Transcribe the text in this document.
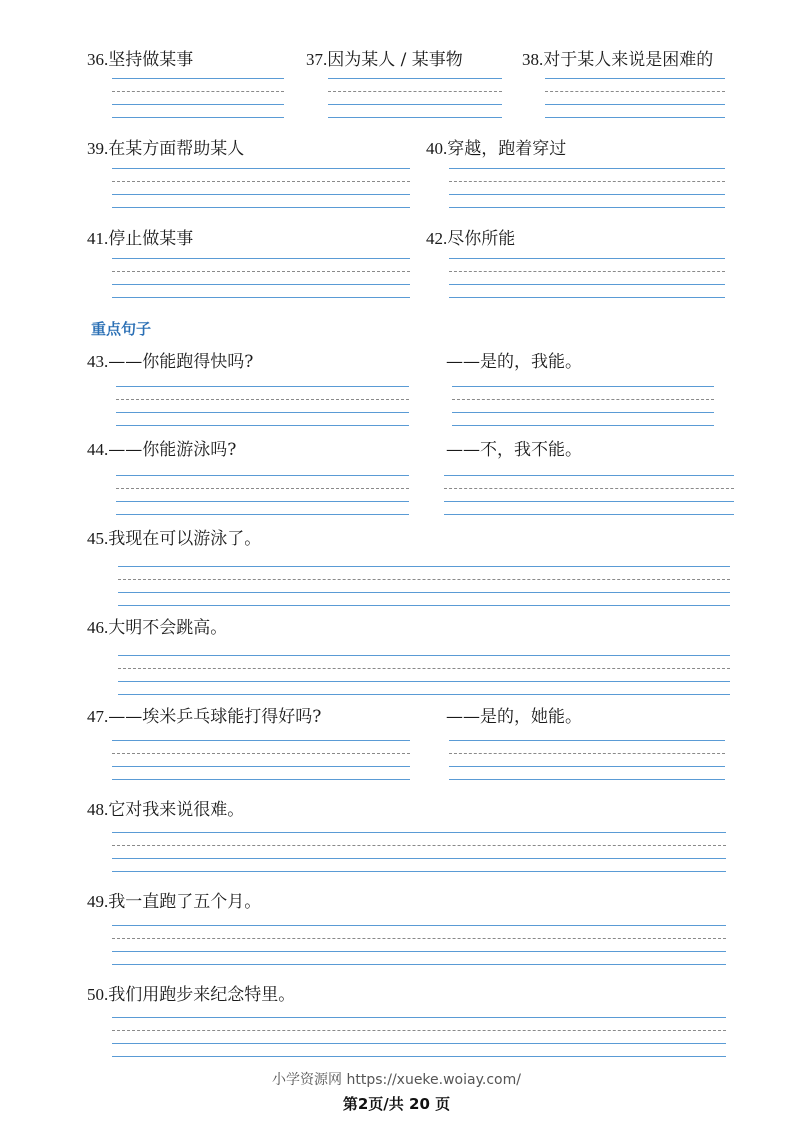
36.坚持做某事	37.因为某人 / 某事物	38.对于某人来说是困难的
39.在某方面帮助某人	40.穿越，跑着穿过
41.停止做某事	42.尽你所能
重点句子
43.——你能跑得快吗?	——是的，我能。
44.——你能游泳吗?	——不，我不能。
45.我现在可以游泳了。
46.大明不会跳高。
47.——埃米乒乓球能打得好吗?	——是的，她能。
48.它对我来说很难。
49.我一直跑了五个月。
50.我们用跑步来纪念特里。
小学资源网 https://xueke.woiay.com/
第2页/共 20 页
